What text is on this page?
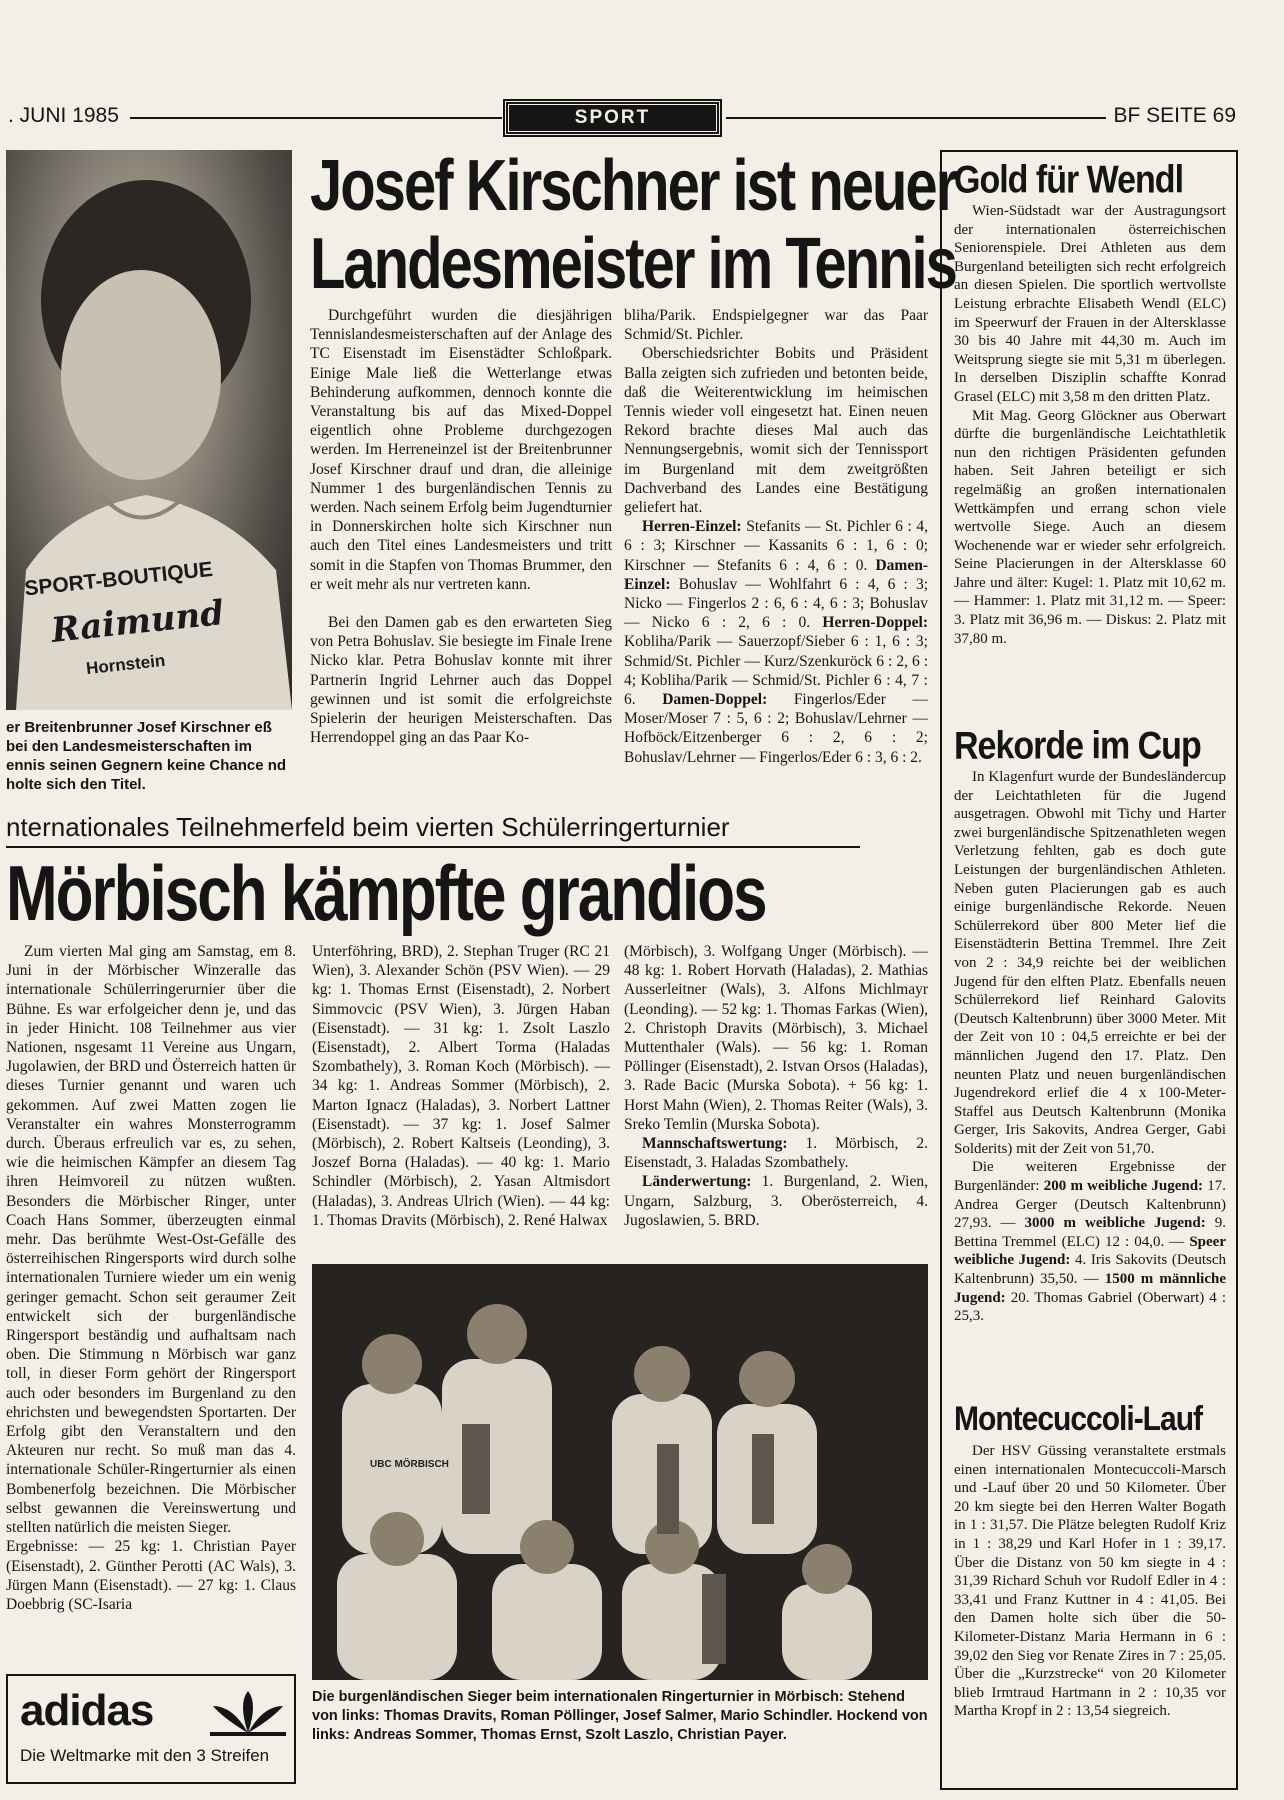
. JUNI 1985	SPORT	BF SEITE 69
SPORT-BOUTIQUE
Raimund
Hornstein
er Breitenbrunner Josef Kirschner eß bei den Landesmeisterschaften im ennis seinen Gegnern keine Chance nd holte sich den Titel.
Josef Kirschner ist neuer
Landesmeister im Tennis

Durchgeführt wurden die diesjährigen Tennislandesmeisterschaften auf der Anlage des TC Eisenstadt im Eisenstädter Schloßpark. Einige Male ließ die Wetterlange etwas Behinderung aufkommen, dennoch konnte die Veranstaltung bis auf das Mixed-Doppel eigentlich ohne Probleme durchgezogen werden. Im Herreneinzel ist der Breitenbrunner Josef Kirschner drauf und dran, die alleinige Nummer 1 des burgenländischen Tennis zu werden. Nach seinem Erfolg beim Jugendturnier in Donnerskirchen holte sich Kirschner nun auch den Titel eines Landesmeisters und tritt somit in die Stapfen von Thomas Brummer, den er weit mehr als nur vertreten kann.

Bei den Damen gab es den erwarteten Sieg von Petra Bohuslav. Sie besiegte im Finale Irene Nicko klar. Petra Bohuslav konnte mit ihrer Partnerin Ingrid Lehrner auch das Doppel gewinnen und ist somit die erfolgreichste Spielerin der heurigen Meisterschaften. Das Herrendoppel ging an das Paar Ko-

bliha/Parik. Endspielgegner war das Paar Schmid/St. Pichler.

Oberschiedsrichter Bobits und Präsident Balla zeigten sich zufrieden und betonten beide, daß die Weiterentwicklung im heimischen Tennis wieder voll eingesetzt hat. Einen neuen Rekord brachte dieses Mal auch das Nennungsergebnis, womit sich der Tennissport im Burgenland mit dem zweitgrößten Dachverband des Landes eine Bestätigung geliefert hat.

Herren-Einzel: Stefanits — St. Pichler 6 : 4, 6 : 3; Kirschner — Kassanits 6 : 1, 6 : 0; Kirschner — Stefanits 6 : 4, 6 : 0. Damen-Einzel: Bohuslav — Wohlfahrt 6 : 4, 6 : 3; Nicko — Fingerlos 2 : 6, 6 : 4, 6 : 3; Bohuslav — Nicko 6 : 2, 6 : 0. Herren-Doppel: Kobliha/Parik — Sauerzopf/Sieber 6 : 1, 6 : 3; Schmid/St. Pichler — Kurz/Szenkuröck 6 : 2, 6 : 4; Kobliha/Parik — Schmid/St. Pichler 6 : 4, 7 : 6. Damen-Doppel: Fingerlos/Eder — Moser/Moser 7 : 5, 6 : 2; Bohuslav/Lehrner — Hofböck/Eitzenberger 6 : 2, 6 : 2; Bohuslav/Lehrner — Fingerlos/Eder 6 : 3, 6 : 2.

nternationales Teilnehmerfeld beim vierten Schülerringerturnier
Mörbisch kämpfte grandios

Zum vierten Mal ging am Samstag, em 8. Juni in der Mörbischer Winzeralle das internationale Schülerringerurnier über die Bühne. Es war erfolgeicher denn je, und das in jeder Hinicht. 108 Teilnehmer aus vier Nationen, nsgesamt 11 Vereine aus Ungarn, Jugolawien, der BRD und Österreich hatten ür dieses Turnier genannt und waren uch gekommen. Auf zwei Matten zogen lie Veranstalter ein wahres Monsterrogramm durch. Überaus erfreulich var es, zu sehen, wie die heimischen Kämpfer an diesem Tag ihren Heimvoreil zu nützen wußten. Besonders die Mörbischer Ringer, unter Coach Hans Sommer, überzeugten einmal mehr. Das berühmte West-Ost-Gefälle des österreihischen Ringersports wird durch solhe internationalen Turniere wieder um ein wenig geringer gemacht. Schon seit geraumer Zeit entwickelt sich der burgenländische Ringersport beständig und aufhaltsam nach oben. Die Stimmung n Mörbisch war ganz toll, in dieser Form gehört der Ringersport auch oder besonders im Burgenland zu den ehrichsten und bewegendsten Sportarten. Der Erfolg gibt den Veranstaltern und den Akteuren nur recht. So muß man das 4. internationale Schüler-Ringerturnier als einen Bombenerfolg bezeichnen. Die Mörbischer selbst gewannen die Vereinswertung und stellten natürlich die meisten Sieger.

Ergebnisse: — 25 kg: 1. Christian Payer (Eisenstadt), 2. Günther Perotti (AC Wals), 3. Jürgen Mann (Eisenstadt). — 27 kg: 1. Claus Doebbrig (SC-Isaria

Unterföhring, BRD), 2. Stephan Truger (RC 21 Wien), 3. Alexander Schön (PSV Wien). — 29 kg: 1. Thomas Ernst (Eisenstadt), 2. Norbert Simmovcic (PSV Wien), 3. Jürgen Haban (Eisenstadt). — 31 kg: 1. Zsolt Laszlo (Eisenstadt), 2. Albert Torma (Haladas Szombathely), 3. Roman Koch (Mörbisch). — 34 kg: 1. Andreas Sommer (Mörbisch), 2. Marton Ignacz (Haladas), 3. Norbert Lattner (Eisenstadt). — 37 kg: 1. Josef Salmer (Mörbisch), 2. Robert Kaltseis (Leonding), 3. Joszef Borna (Haladas). — 40 kg: 1. Mario Schindler (Mörbisch), 2. Yasan Altmisdort (Haladas), 3. Andreas Ulrich (Wien). — 44 kg: 1. Thomas Dravits (Mörbisch), 2. René Halwax

(Mörbisch), 3. Wolfgang Unger (Mörbisch). — 48 kg: 1. Robert Horvath (Haladas), 2. Mathias Ausserleitner (Wals), 3. Alfons Michlmayr (Leonding). — 52 kg: 1. Thomas Farkas (Wien), 2. Christoph Dravits (Mörbisch), 3. Michael Muttenthaler (Wals). — 56 kg: 1. Roman Pöllinger (Eisenstadt), 2. Istvan Orsos (Haladas), 3. Rade Bacic (Murska Sobota). + 56 kg: 1. Horst Mahn (Wien), 2. Thomas Reiter (Wals), 3. Sreko Temlin (Murska Sobota).

Mannschaftswertung: 1. Mörbisch, 2. Eisenstadt, 3. Haladas Szombathely.

Länderwertung: 1. Burgenland, 2. Wien, Ungarn, Salzburg, 3. Oberösterreich, 4. Jugoslawien, 5. BRD.

UBC MÖRBISCH
Die burgenländischen Sieger beim internationalen Ringerturnier in Mörbisch: Stehend von links: Thomas Dravits, Roman Pöllinger, Josef Salmer, Mario Schindler. Hockend von links: Andreas Sommer, Thomas Ernst, Szolt Laszlo, Christian Payer.
adidas
Die Weltmarke mit den 3 Streifen
Gold für Wendl

Wien-Südstadt war der Austragungsort der internationalen österreichischen Seniorenspiele. Drei Athleten aus dem Burgenland beteiligten sich recht erfolgreich an diesen Spielen. Die sportlich wertvollste Leistung erbrachte Elisabeth Wendl (ELC) im Speerwurf der Frauen in der Altersklasse 30 bis 40 Jahre mit 44,30 m. Auch im Weitsprung siegte sie mit 5,31 m überlegen. In derselben Disziplin schaffte Konrad Grasel (ELC) mit 3,58 m den dritten Platz.

Mit Mag. Georg Glöckner aus Oberwart dürfte die burgenländische Leichtathletik nun den richtigen Präsidenten gefunden haben. Seit Jahren beteiligt er sich regelmäßig an großen internationalen Wettkämpfen und errang schon viele wertvolle Siege. Auch an diesem Wochenende war er wieder sehr erfolgreich. Seine Placierungen in der Altersklasse 60 Jahre und älter: Kugel: 1. Platz mit 10,62 m. — Hammer: 1. Platz mit 31,12 m. — Speer: 3. Platz mit 36,96 m. — Diskus: 2. Platz mit 37,80 m.

Rekorde im Cup

In Klagenfurt wurde der Bundesländercup der Leichtathleten für die Jugend ausgetragen. Obwohl mit Tichy und Harter zwei burgenländische Spitzenathleten wegen Verletzung fehlten, gab es doch gute Leistungen der burgenländischen Athleten. Neben guten Placierungen gab es auch einige burgenländische Rekorde. Neuen Schülerrekord über 800 Meter lief die Eisenstädterin Bettina Tremmel. Ihre Zeit von 2 : 34,9 reichte bei der weiblichen Jugend für den elften Platz. Ebenfalls neuen Schülerrekord lief Reinhard Galovits (Deutsch Kaltenbrunn) über 3000 Meter. Mit der Zeit von 10 : 04,5 erreichte er bei der männlichen Jugend den 17. Platz. Den neunten Platz und neuen burgenländischen Jugendrekord erlief die 4 x 100-Meter-Staffel aus Deutsch Kaltenbrunn (Monika Gerger, Iris Sakovits, Andrea Gerger, Gabi Solderits) mit der Zeit von 51,70.

Die weiteren Ergebnisse der Burgenländer: 200 m weibliche Jugend: 17. Andrea Gerger (Deutsch Kaltenbrunn) 27,93. — 3000 m weibliche Jugend: 9. Bettina Tremmel (ELC) 12 : 04,0. — Speer weibliche Jugend: 4. Iris Sakovits (Deutsch Kaltenbrunn) 35,50. — 1500 m männliche Jugend: 20. Thomas Gabriel (Oberwart) 4 : 25,3.

Montecuccoli-Lauf

Der HSV Güssing veranstaltete erstmals einen internationalen Montecuccoli-Marsch und -Lauf über 20 und 50 Kilometer. Über 20 km siegte bei den Herren Walter Bogath in 1 : 31,57. Die Plätze belegten Rudolf Kriz in 1 : 38,29 und Karl Hofer in 1 : 39,17. Über die Distanz von 50 km siegte in 4 : 31,39 Richard Schuh vor Rudolf Edler in 4 : 33,41 und Franz Kuttner in 4 : 41,05. Bei den Damen holte sich über die 50-Kilometer-Distanz Maria Hermann in 6 : 39,02 den Sieg vor Renate Zires in 7 : 25,05. Über die „Kurzstrecke“ von 20 Kilometer blieb Irmtraud Hartmann in 2 : 10,35 vor Martha Kropf in 2 : 13,54 siegreich.
